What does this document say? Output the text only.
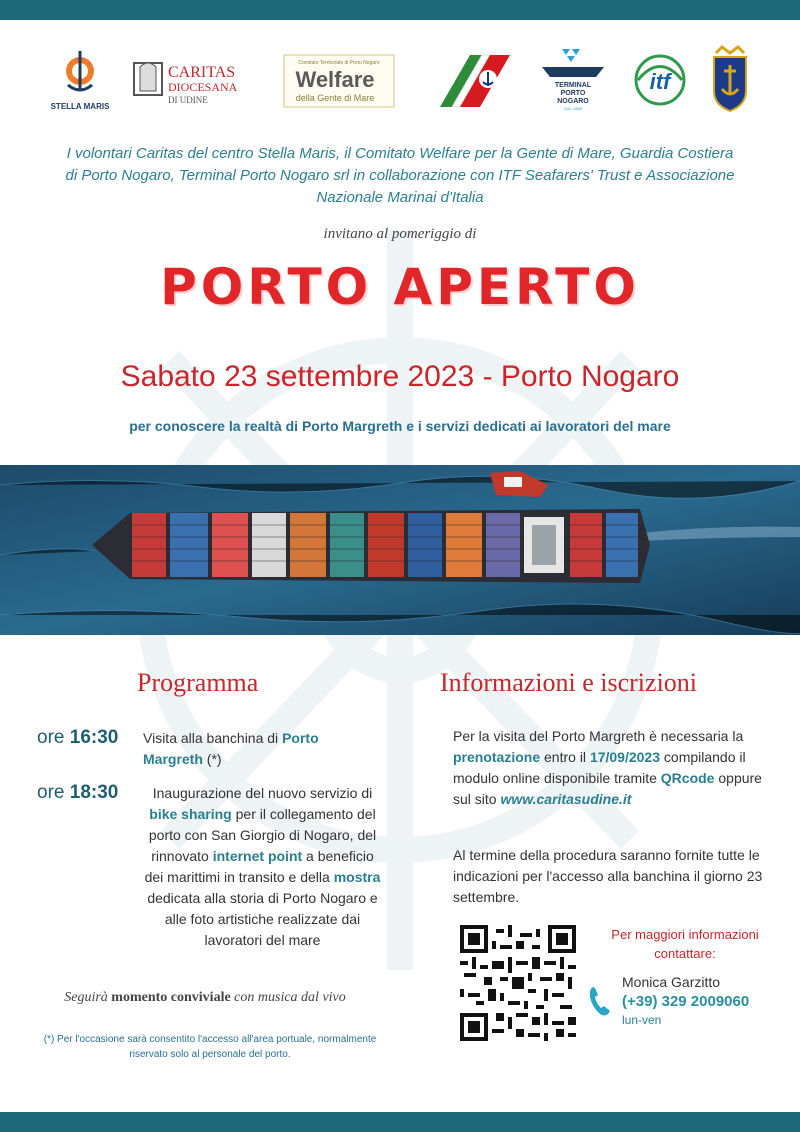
STELLA MARIS
CARITAS
DIOCESANA
DI UDINE
Comitato Territoriale di Porto Nogaro
Welfare
della Gente di Mare
TERMINAL
PORTO
NOGARO
DAL 1966
itf
I volontari Caritas del centro Stella Maris, il Comitato Welfare per la Gente di Mare, Guardia Costiera di Porto Nogaro, Terminal Porto Nogaro srl in collaborazione con ITF Seafarers' Trust e Associazione Nazionale Marinai d'Italia
invitano al pomeriggio di
PORTO APERTO
Sabato 23 settembre 2023 - Porto Nogaro
per conoscere la realtà di Porto Margreth e i servizi dedicati ai lavoratori del mare
Programma
ore 16:30 Visita alla banchina di Porto Margreth (*)
ore 18:30	Inaugurazione del nuovo servizio di bike sharing per il collegamento del porto con San Giorgio di Nogaro, del rinnovato internet point a beneficio dei marittimi in transito e della mostra dedicata alla storia di Porto Nogaro e alle foto artistiche realizzate dai lavoratori del mare
Seguirà momento conviviale con musica dal vivo
(*) Per l'occasione sarà consentito l'accesso all'area portuale, normalmente riservato solo al personale del porto.
Informazioni e iscrizioni
Per la visita del Porto Margreth è necessaria la prenotazione entro il 17/09/2023 compilando il modulo online disponibile tramite QRcode oppure sul sito www.caritasudine.it
Al termine della procedura saranno fornite tutte le indicazioni per l'accesso alla banchina il giorno 23 settembre.
Per maggiori informazioni contattare:
Monica Garzitto
(+39) 329 2009060
lun-ven
